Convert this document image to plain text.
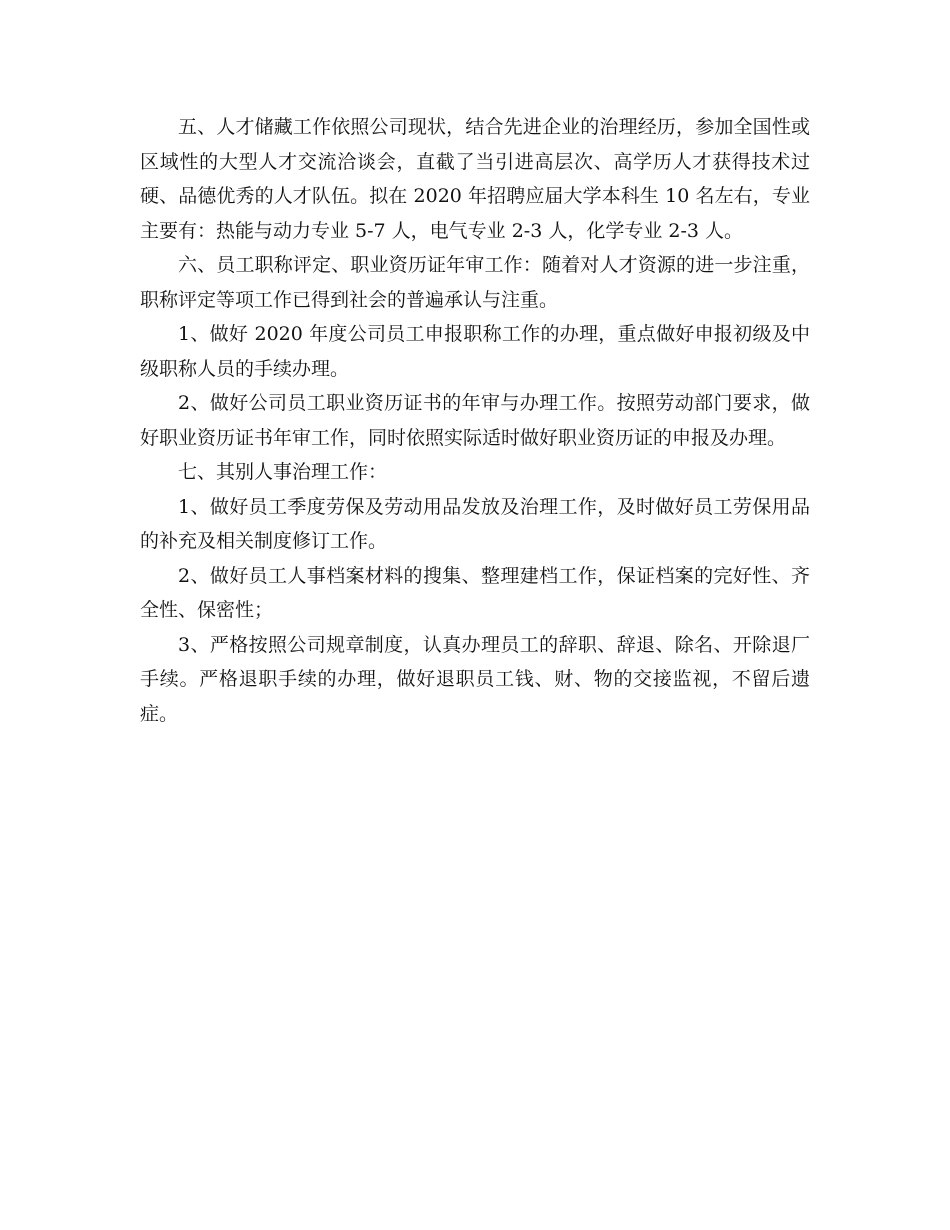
五、人才储藏工作依照公司现状，结合先进企业的治理经历，参加全国性或区域性的大型人才交流洽谈会，直截了当引进高层次、高学历人才获得技术过硬、品德优秀的人才队伍。拟在 2020 年招聘应届大学本科生 10 名左右，专业主要有：热能与动力专业 5-7 人，电气专业 2-3 人，化学专业 2-3 人。

六、员工职称评定、职业资历证年审工作：随着对人才资源的进一步注重，职称评定等项工作已得到社会的普遍承认与注重。

1、做好 2020 年度公司员工申报职称工作的办理，重点做好申报初级及中级职称人员的手续办理。

2、做好公司员工职业资历证书的年审与办理工作。按照劳动部门要求，做好职业资历证书年审工作，同时依照实际适时做好职业资历证的申报及办理。

七、其别人事治理工作：

1、做好员工季度劳保及劳动用品发放及治理工作，及时做好员工劳保用品的补充及相关制度修订工作。

2、做好员工人事档案材料的搜集、整理建档工作，保证档案的完好性、齐全性、保密性；

3、严格按照公司规章制度，认真办理员工的辞职、辞退、除名、开除退厂手续。严格退职手续的办理，做好退职员工钱、财、物的交接监视，不留后遗症。
